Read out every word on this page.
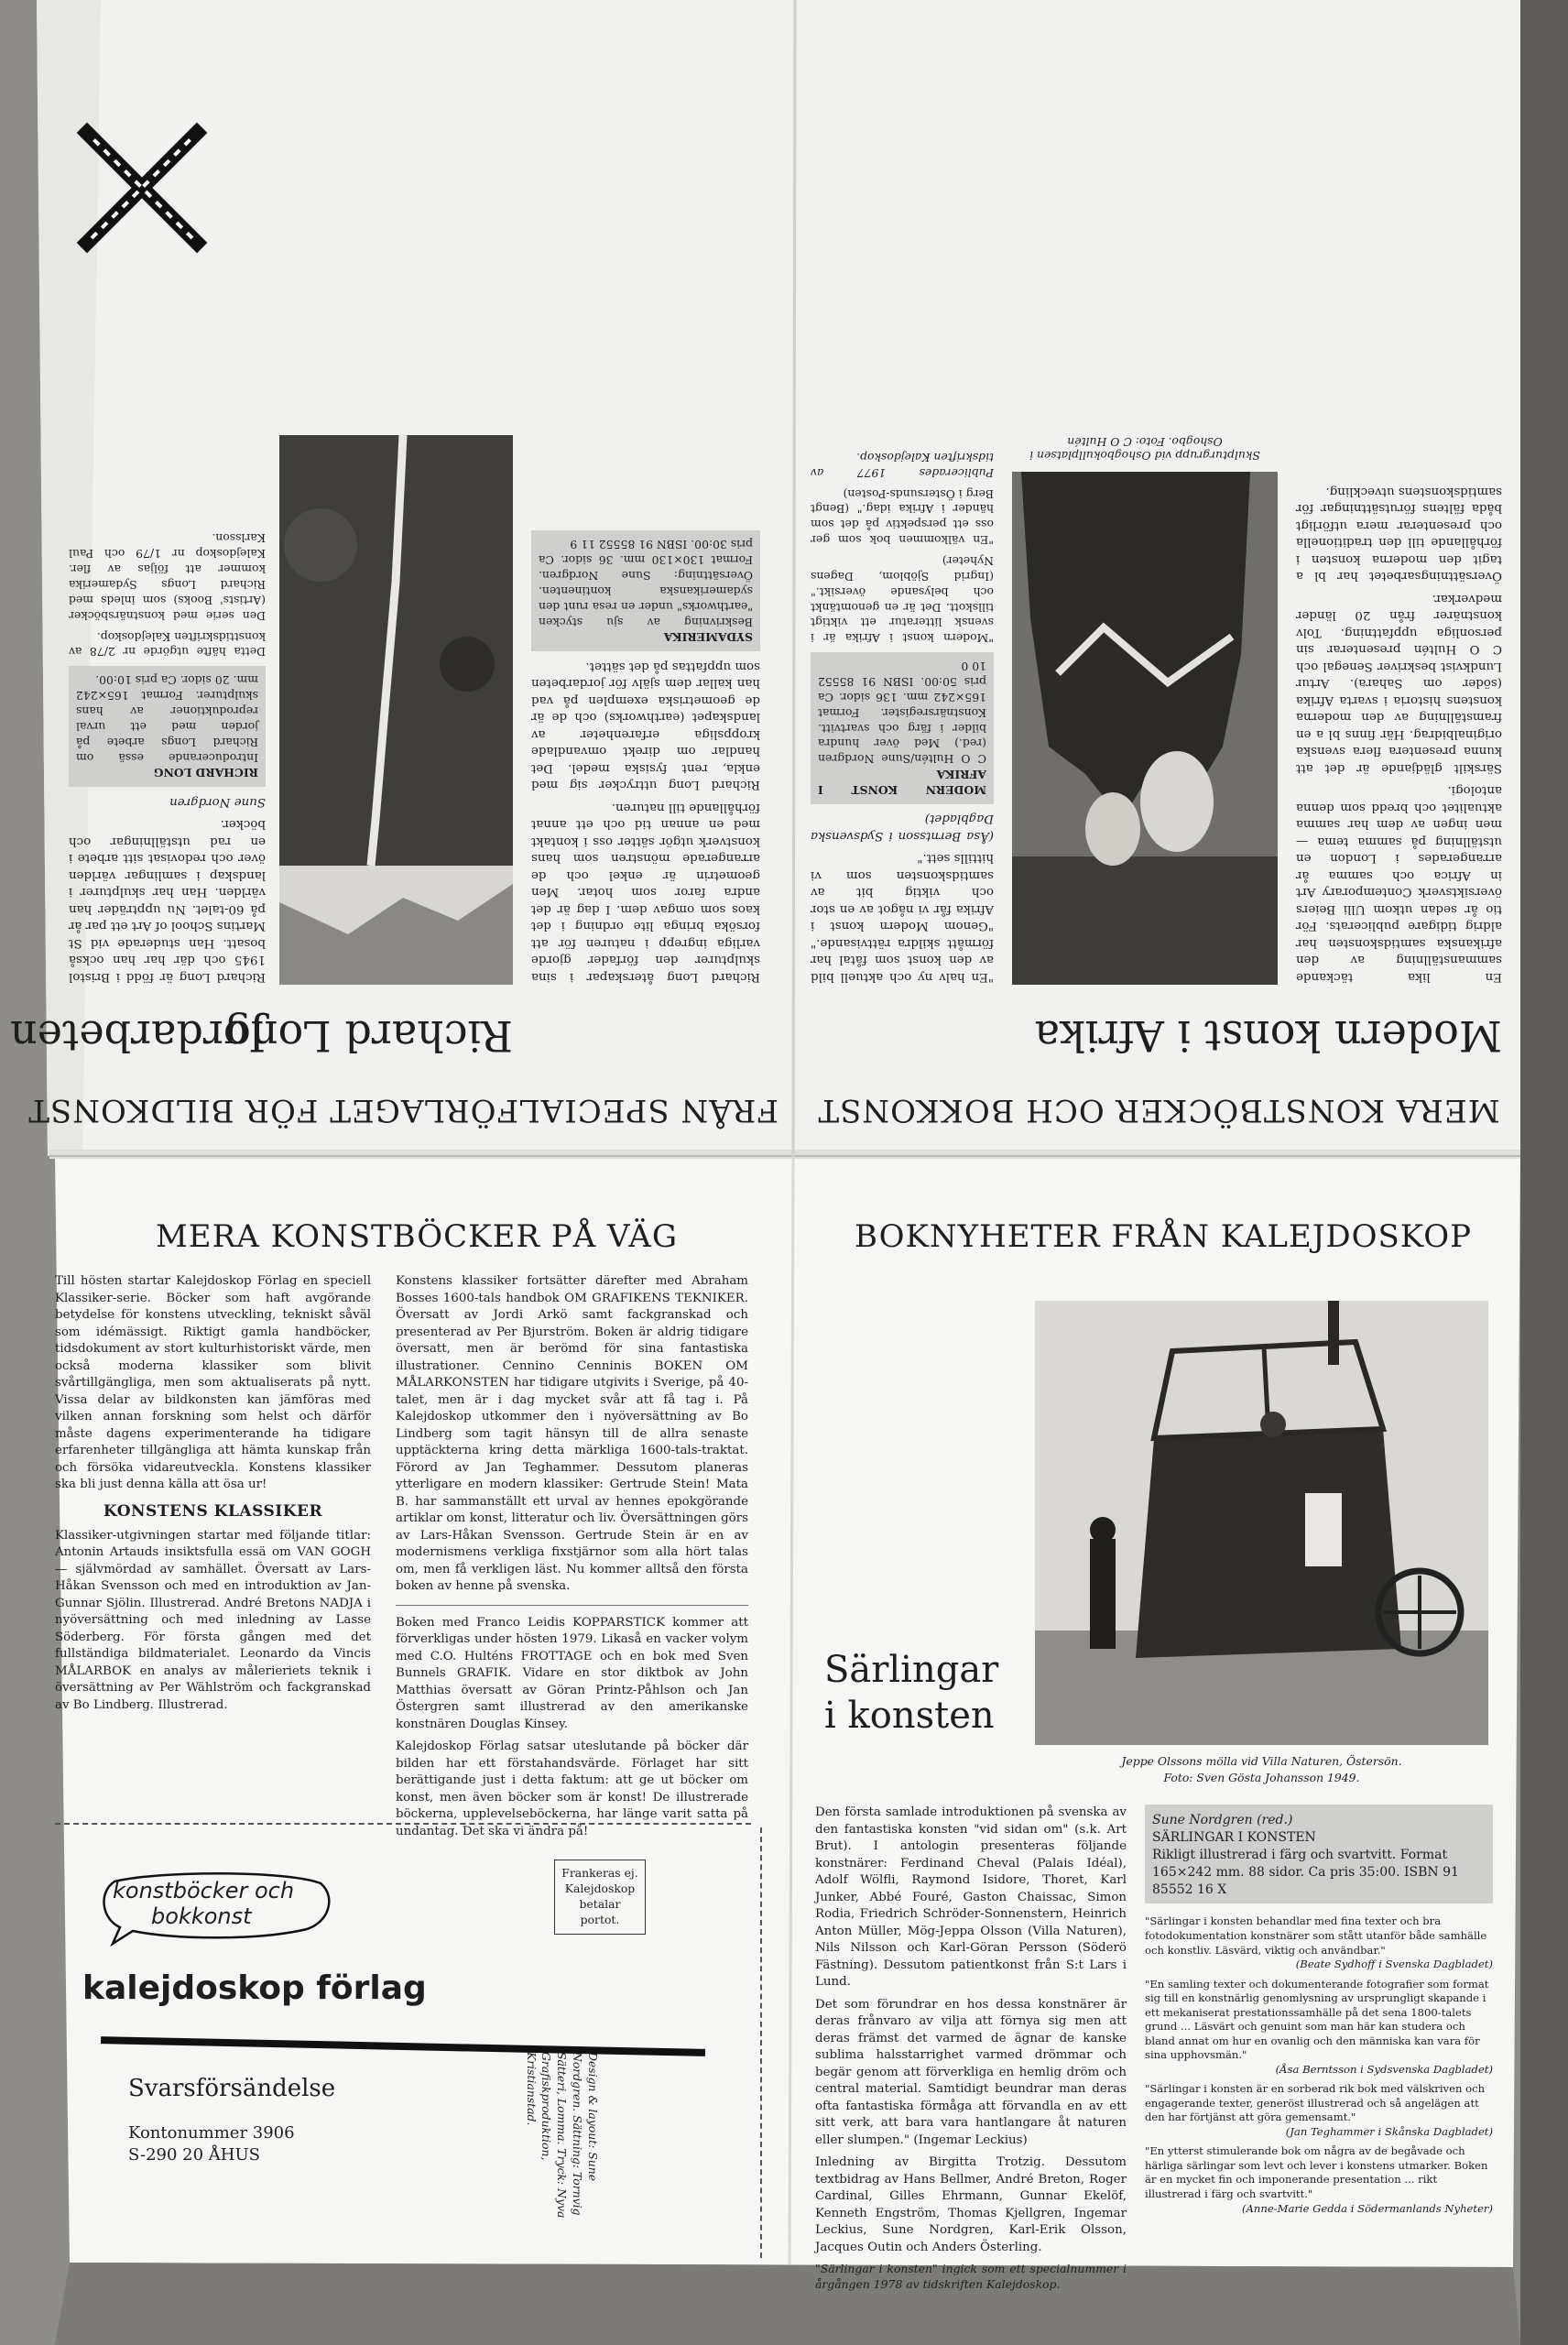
FRÅN SPECIALFÖRLAGET FÖR BILDKONST
Jordarbeten
Richard Long

Richard Long återskapar i sina skulpturer den förfader gjorde varliga ingrepp i naturen för att forsöka bringa lite ordning i det kaos som omgav dem. I dag är det andra faror som hotar. Men geometrin är enkel och de arrangerade mönstren som hans konstverk utgör sätter oss i kontakt med en annan tid och ett annat förhållande till naturen.

Richard Long uttrycker sig med enkla, rent fysiska medel. Det handlar om direkt omvandlade kroppsliga erfarenheter av landskapet (earthworks) och de är de geometriska exemplen på vad han kallar dem själv för jordarbeten som uppfattas på det sättet.

SYDAMERIKA
Beskrivning av sju stycken "earthworks" under en resa runt den sydamerikanska kontinenten. Översättning: Sune Nordgren. Format 130×130 mm. 36 sidor. Ca pris 30:00. ISBN 91 85552 11 9

Richard Long är född i Bristol 1945 och där har han också bosatt. Han studerade vid St Martins School of Art ett par år på 60-talet. Nu uppträder han världen. Han har skulpturer i landskap i samlingar världen över och redovisat sitt arbete i en rad utställningar och böcker.

Sune Nordgren

RICHARD LONG
Introducerande essä om Richard Longs arbete på jorden med ett urval reproduktioner av hans skulpturer. Format 165×242 mm. 20 sidor. Ca pris 10:00.

Detta häfte utgörde nr 2/78 av konsttidskriften Kalejdoskop.

Den serie med konstnärsböcker (Artists' Books) som inleds med Richard Longs Sydamerika kommer att följas av fler. Kalejdoskop nr 1/79 och Paul Karlsson.

MERA KONSTBÖCKER OCH BOKKONST
Modern konst i Afrika

En lika täckande sammanställning av den afrikanska samtidskonsten har aldrig tidigare publicerats. För tio år sedan utkom Ulli Beiers översiktsverk Contemporary Art in Africa och samma år arrangerades i London en utställning på samma tema — men ingen av dem har samma aktualitet och bredd som denna antologi.

Särskilt glädjande är det att kunna presentera flera svenska originalbidrag. Här finns bl a en framställning av den moderna konstens historia i svarta Afrika (söder om Sahara). Artur Lundkvist beskriver Senegal och C O Hultén presenterar sin personliga uppfattning. Tolv konstnärer från 20 länder medverkar.

Översättningsarbetet har bl a tagit den moderna konsten i förhållande till den traditionella och presenterar mera utförligt båda fältens förutsättningar för samtidskonstens utveckling.

Skulpturgrupp vid Oshogbokullplatsen i Oshogbo. Foto: C O Hultén

"En halv ny och aktuell bild av den konst som fåtal har förmått skildra rättvisande." "Genom Modern konst i Afrika får vi något av en stor och viktig bit av samtidskonsten som vi hittills sett."

(Åsa Berntsson i Sydsvenska Dagbladet)

MODERN KONST I AFRIKA
C O Hultén/Sune Nordgren (red.) Med över hundra bilder i färg och svartvitt. Konstnärsregister. Format 165×242 mm. 136 sidor. Ca pris 50:00. ISBN 91 85552 10 0

"Modern konst i Afrika är i svensk litteratur ett viktigt tillskott. Det är en genomtänkt och belysande översikt." (Ingrid Sjöblom, Dagens Nyheter)

"En välkommen bok som ger oss ett perspektiv på det som händer i Afrika idag." (Bengt Berg i Östersunds-Posten)

Publicerades 1977 av tidskriften Kalejdoskop.

MERA KONSTBÖCKER PÅ VÄG

Till hösten startar Kalejdoskop Förlag en speciell Klassiker-serie. Böcker som haft avgörande betydelse för konstens utveckling, tekniskt såväl som idémässigt. Riktigt gamla handböcker, tidsdokument av stort kulturhistoriskt värde, men också moderna klassiker som blivit svårtillgängliga, men som aktualiserats på nytt. Vissa delar av bildkonsten kan jämföras med vilken annan forskning som helst och därför måste dagens experimenterande ha tidigare erfarenheter tillgängliga att hämta kunskap från och försöka vidareutveckla. Konstens klassiker ska bli just denna källa att ösa ur!

KONSTENS KLASSIKER

Klassiker-utgivningen startar med följande titlar: Antonin Artauds insiktsfulla essä om VAN GOGH — självmördad av samhället. Översatt av Lars-Håkan Svensson och med en introduktion av Jan-Gunnar Sjölin. Illustrerad. André Bretons NADJA i nyöversättning och med inledning av Lasse Söderberg. För första gången med det fullständiga bildmaterialet. Leonardo da Vincis MÅLARBOK en analys av målerieriets teknik i översättning av Per Wählström och fackgranskad av Bo Lindberg. Illustrerad.

Konstens klassiker fortsätter därefter med Abraham Bosses 1600-tals handbok OM GRAFIKENS TEKNIKER. Översatt av Jordi Arkö samt fackgranskad och presenterad av Per Bjurström. Boken är aldrig tidigare översatt, men är berömd för sina fantastiska illustrationer. Cennino Cenninis BOKEN OM MÅLARKONSTEN har tidigare utgivits i Sverige, på 40-talet, men är i dag mycket svår att få tag i. På Kalejdoskop utkommer den i nyöversättning av Bo Lindberg som tagit hänsyn till de allra senaste upptäckterna kring detta märkliga 1600-tals-traktat. Förord av Jan Teghammer. Dessutom planeras ytterligare en modern klassiker: Gertrude Stein! Mata B. har sammanställt ett urval av hennes epokgörande artiklar om konst, litteratur och liv. Översättningen görs av Lars-Håkan Svensson. Gertrude Stein är en av modernismens verkliga fixstjärnor som alla hört talas om, men få verkligen läst. Nu kommer alltså den första boken av henne på svenska.

Boken med Franco Leidis KOPPARSTICK kommer att förverkligas under hösten 1979. Likaså en vacker volym med C.O. Hulténs FROTTAGE och en bok med Sven Bunnels GRAFIK. Vidare en stor diktbok av John Matthias översatt av Göran Printz-Påhlson och Jan Östergren samt illustrerad av den amerikanske konstnären Douglas Kinsey.

Kalejdoskop Förlag satsar uteslutande på böcker där bilden har ett förstahandsvärde. Förlaget har sitt berättigande just i detta faktum: att ge ut böcker om konst, men även böcker som är konst! De illustrerade böckerna, upplevelseböckerna, har länge varit satta på undantag. Det ska vi ändra på!

Frankeras ej. Kalejdoskop betalar portot.
konstböcker och
bokkonst
kalejdoskop förlag
Svarsförsändelse
Kontonummer 3906
S-290 20 ÅHUS	Design & layout: Sune Nordgren. Sättning: Tornvig Sätteri, Lomma. Tryck: Nyva Grafiskproduktion, Kristianstad.
BOKNYHETER FRÅN KALEJDOSKOP
Särlingar
i konsten
Jeppe Olssons mölla vid Villa Naturen, Östersön.
Foto: Sven Gösta Johansson 1949.

Den första samlade introduktionen på svenska av den fantastiska konsten "vid sidan om" (s.k. Art Brut). I antologin presenteras följande konstnärer: Ferdinand Cheval (Palais Idéal), Adolf Wölfli, Raymond Isidore, Thoret, Karl Junker, Abbé Fouré, Gaston Chaissac, Simon Rodia, Friedrich Schröder-Sonnenstern, Heinrich Anton Müller, Mög-Jeppa Olsson (Villa Naturen), Nils Nilsson och Karl-Göran Persson (Söderö Fästning). Dessutom patientkonst från S:t Lars i Lund.

Det som förundrar en hos dessa konstnärer är deras frånvaro av vilja att förnya sig men att deras främst det varmed de ägnar de kanske sublima halsstarrighet varmed drömmar och begär genom att förverkliga en hemlig dröm och central material. Samtidigt beundrar man deras ofta fantastiska förmåga att förvandla en av ett sitt verk, att bara vara hantlangare åt naturen eller slumpen." (Ingemar Leckius)

Inledning av Birgitta Trotzig. Dessutom textbidrag av Hans Bellmer, André Breton, Roger Cardinal, Gilles Ehrmann, Gunnar Ekelöf, Kenneth Engström, Thomas Kjellgren, Ingemar Leckius, Sune Nordgren, Karl-Erik Olsson, Jacques Outin och Anders Österling.

"Särlingar i konsten" ingick som ett specialnummer i årgången 1978 av tidskriften Kalejdoskop.

Sune Nordgren (red.)
SÄRLINGAR I KONSTEN
Rikligt illustrerad i färg och svartvitt. Format 165×242 mm. 88 sidor. Ca pris 35:00. ISBN 91 85552 16 X

"Särlingar i konsten behandlar med fina texter och bra fotodokumentation konstnärer som stått utanför både samhälle och konstliv. Läsvärd, viktig och användbar."

(Beate Sydhoff i Svenska Dagbladet)

"En samling texter och dokumenterande fotografier som format sig till en konstnärlig genomlysning av ursprungligt skapande i ett mekaniserat prestationssamhälle på det sena 1800-talets grund ... Läsvärt och genuint som man här kan studera och bland annat om hur en ovanlig och den människa kan vara för sina upphovsmän."

(Åsa Berntsson i Sydsvenska Dagbladet)

"Särlingar i konsten är en sorberad rik bok med välskriven och engagerande texter, generöst illustrerad och så angelägen att den har förtjänst att göra gemensamt."

(Jan Teghammer i Skånska Dagbladet)

"En ytterst stimulerande bok om några av de begåvade och härliga särlingar som levt och lever i konstens utmarker. Boken är en mycket fin och imponerande presentation ... rikt illustrerad i färg och svartvitt."

(Anne-Marie Gedda i Södermanlands Nyheter)
